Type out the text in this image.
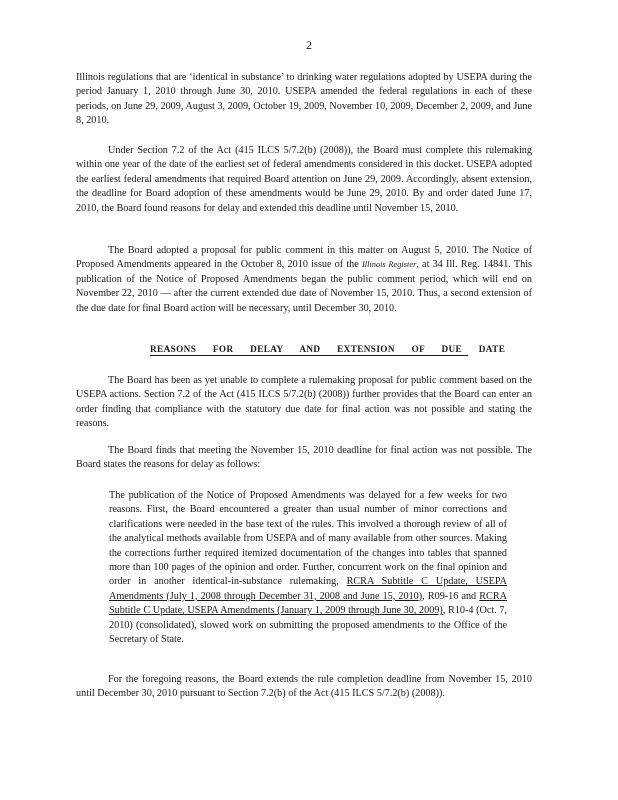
2

Illinois regulations that are ‘identical in substance’ to drinking water regulations adopted by USEPA during the period January 1, 2010 through June 30, 2010. USEPA amended the federal regulations in each of these periods, on June 29, 2009, August 3, 2009, October 19, 2009, November 10, 2009, December 2, 2009, and June 8, 2010.

Under Section 7.2 of the Act (415 ILCS 5/7.2(b) (2008)), the Board must complete this rulemaking within one year of the date of the earliest set of federal amendments considered in this docket. USEPA adopted the earliest federal amendments that required Board attention on June 29, 2009. Accordingly, absent extension, the deadline for Board adoption of these amendments would be June 29, 2010. By and order dated June 17, 2010, the Board found reasons for delay and extended this deadline until November 15, 2010.

The Board adopted a proposal for public comment in this matter on August 5, 2010. The Notice of Proposed Amendments appeared in the October 8, 2010 issue of the Illinois Register, at 34 Ill. Reg. 14841. This publication of the Notice of Proposed Amendments began the public comment period, which will end on November 22, 2010 — after the current extended due date of November 15, 2010. Thus, a second extension of the due date for final Board action will be necessary, until December 30, 2010.

REASONS FOR DELAY AND EXTENSION OF DUE DATE

The Board has been as yet unable to complete a rulemaking proposal for public comment based on the USEPA actions. Section 7.2 of the Act (415 ILCS 5/7.2(b) (2008)) further provides that the Board can enter an order finding that compliance with the statutory due date for final action was not possible and stating the reasons.

The Board finds that meeting the November 15, 2010 deadline for final action was not possible. The Board states the reasons for delay as follows:

The publication of the Notice of Proposed Amendments was delayed for a few weeks for two reasons. First, the Board encountered a greater than usual number of minor corrections and clarifications were needed in the base text of the rules. This involved a thorough review of all of the analytical methods available from USEPA and of many available from other sources. Making the corrections further required itemized documentation of the changes into tables that spanned more than 100 pages of the opinion and order. Further, concurrent work on the final opinion and order in another identical-in-substance rulemaking, RCRA Subtitle C Update, USEPA Amendments (July 1, 2008 through December 31, 2008 and June 15, 2010), R09-16 and RCRA Subtitle C Update, USEPA Amendments (January 1, 2009 through June 30, 2009), R10-4 (Oct. 7, 2010) (consolidated), slowed work on submitting the proposed amendments to the Office of the Secretary of State.

For the foregoing reasons, the Board extends the rule completion deadline from November 15, 2010 until December 30, 2010 pursuant to Section 7.2(b) of the Act (415 ILCS 5/7.2(b) (2008)).
